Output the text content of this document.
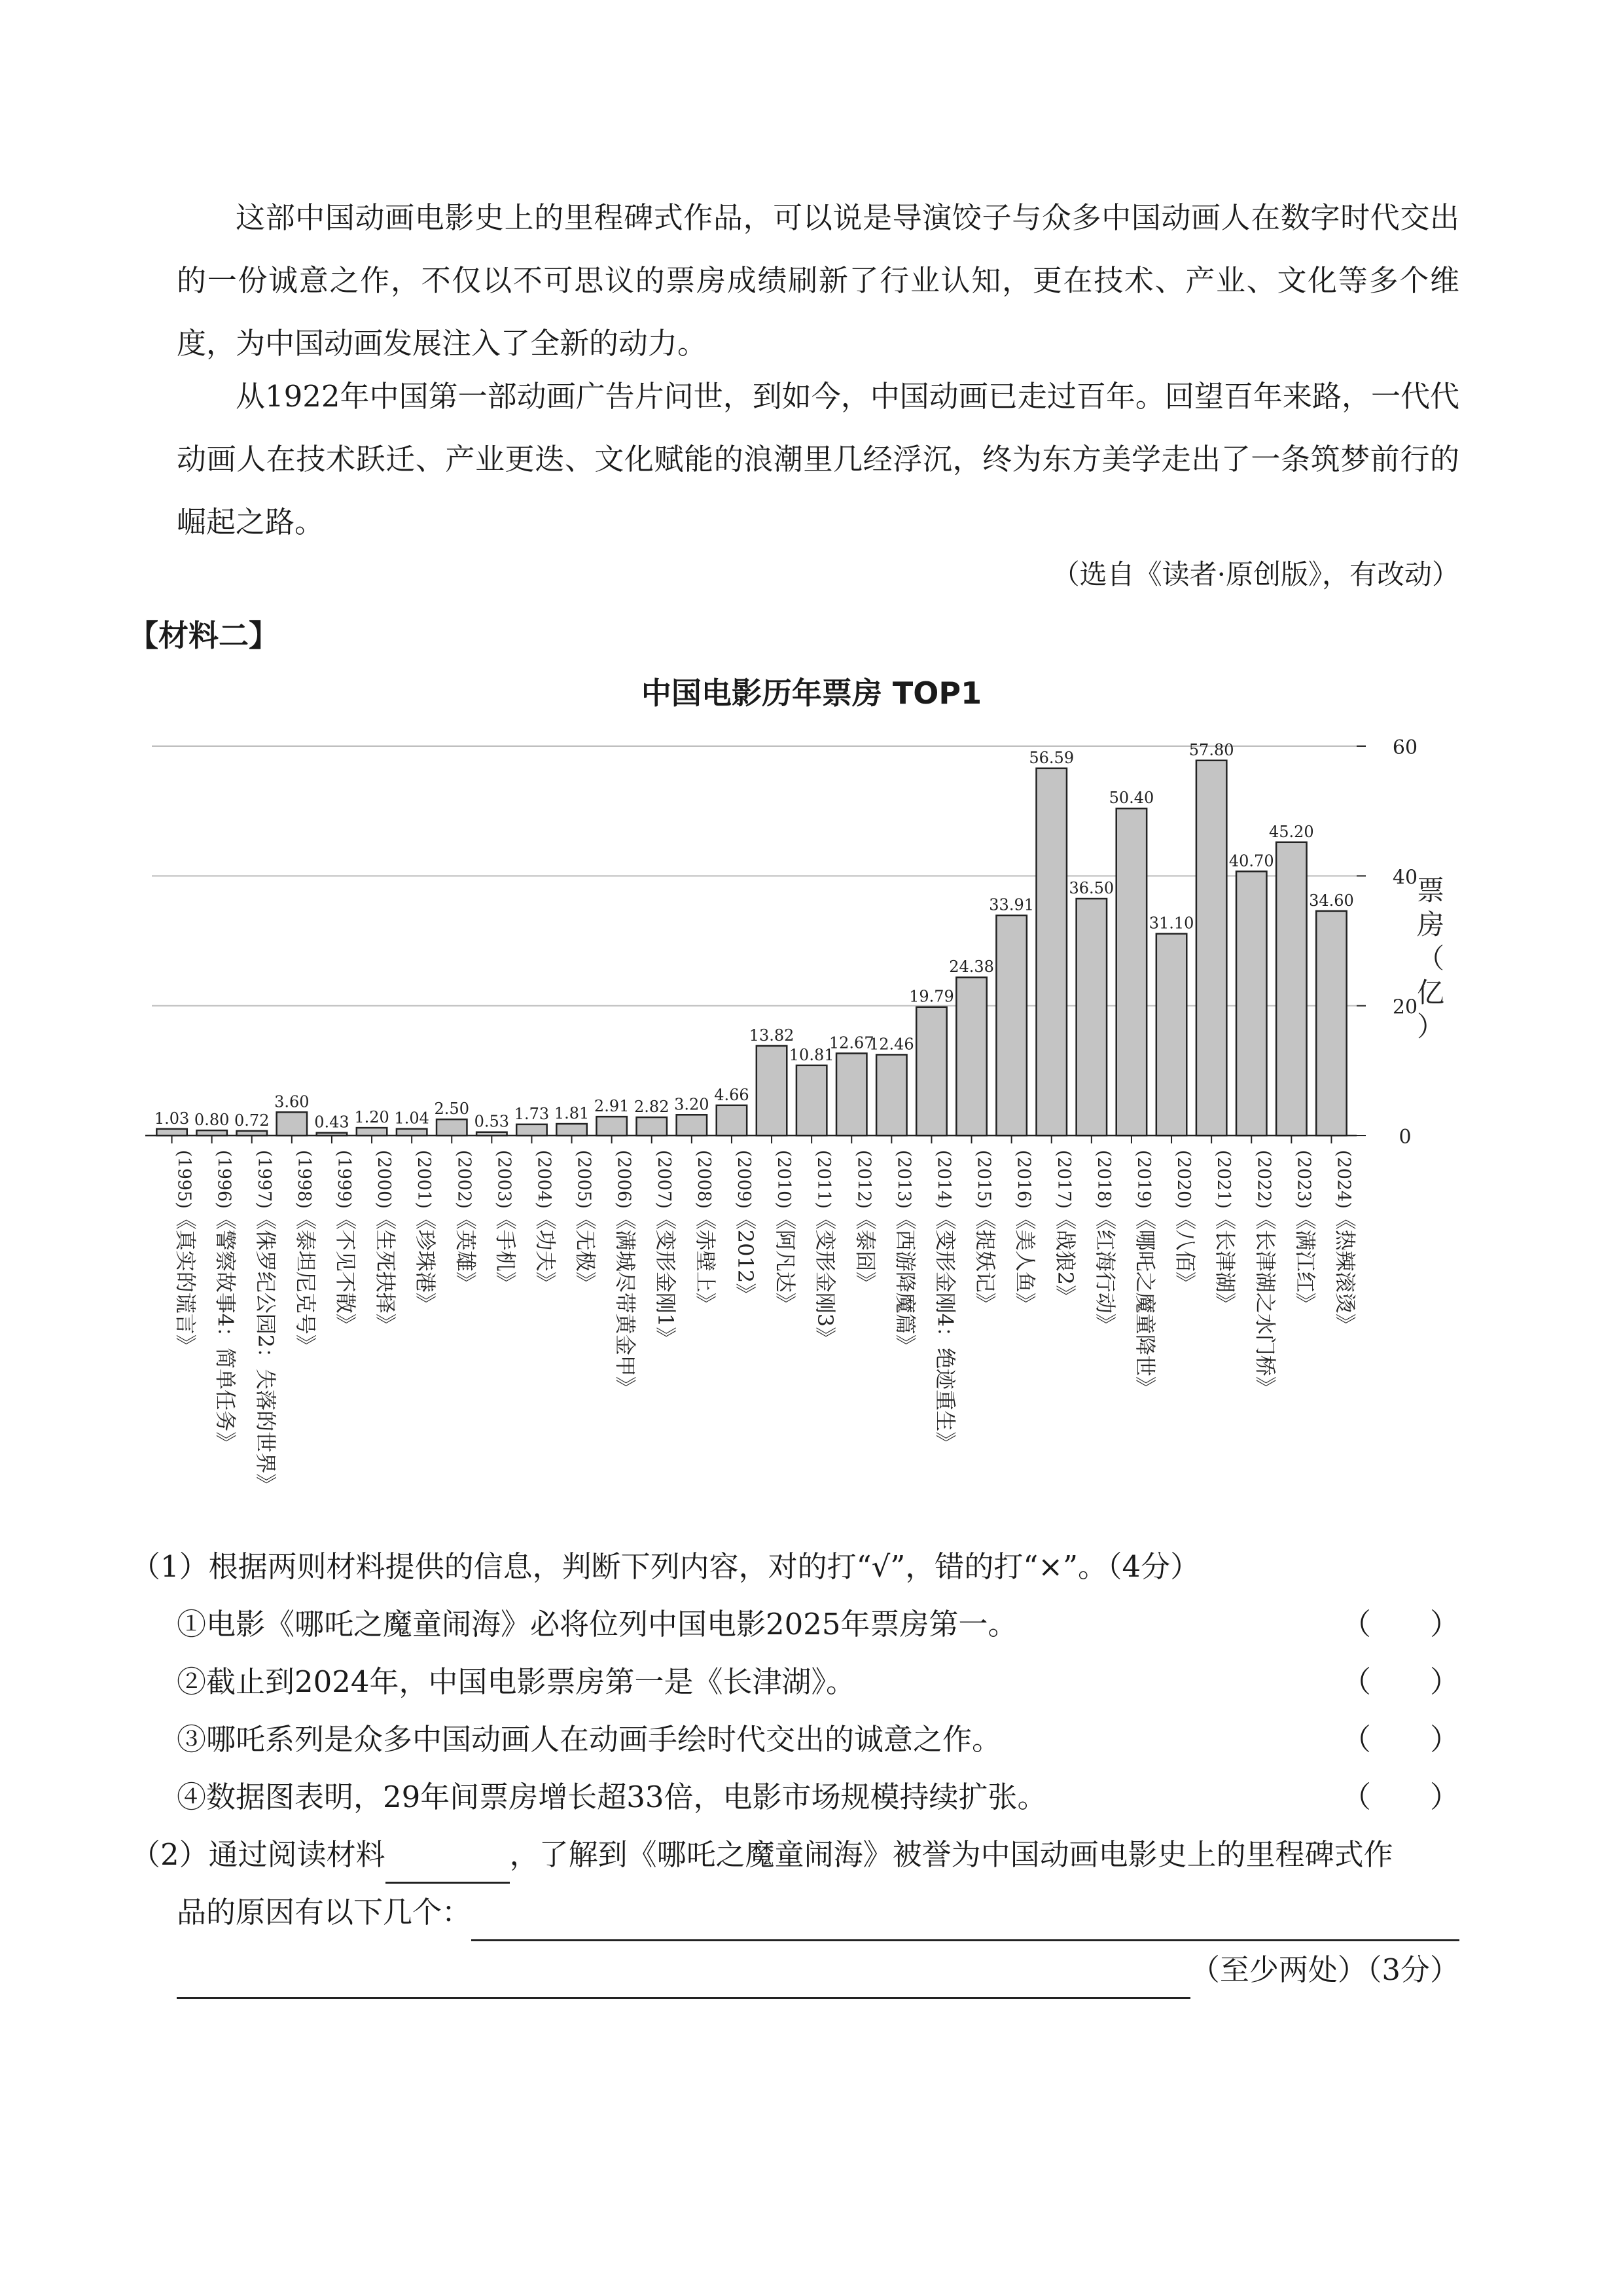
这部中国动画电影史上的里程碑式作品，可以说是导演饺子与众多中国动画人在数字时代交出的一份诚意之作，不仅以不可思议的票房成绩刷新了行业认知，更在技术、产业、文化等多个维度，为中国动画发展注入了全新的动力。

从1922年中国第一部动画广告片问世，到如今，中国动画已走过百年。回望百年来路，一代代动画人在技术跃迁、产业更迭、文化赋能的浪潮里几经浮沉，终为东方美学走出了一条筑梦前行的崛起之路。

（选自《读者·原创版》，有改动）

【材料二】

1.03 0.80 0.72
3.60
0.43 1.20 1.04
2.50
0.53 1.73 1.81 2.91 2.82 3.20
4.66
13.82
10.81
12.67
12.46
19.79
24.38
33.91
56.59
36.50
50.40
31.10
57.80
40.70
45.20
34.60
(1995)《真实的谎言》
(1996)《警察故事4：简单任务》
(1997)《侏罗纪公园2：失落的世界》
(1998)《泰坦尼克号》
(1999)《不见不散》
(2000)《生死抉择》
(2001)《珍珠港》
(2002)《英雄》
(2003)《手机》
(2004)《功夫》
(2005)《无极》
(2006)《满城尽带黄金甲》
(2007)《变形金刚1》
(2008)《赤壁上》
(2009)《2012》
(2010)《阿凡达》
(2011)《变形金刚3》
(2012)《泰囧》
(2013)《西游降魔篇》
(2014)《变形金刚4：绝迹重生》
(2015)《捉妖记》
(2016)《美人鱼》
(2017)《战狼2》
(2018)《红海行动》
(2019)《哪吒之魔童降世》
(2020)《八佰》
(2021)《长津湖》
(2022)《长津湖之水门桥》
(2023)《满江红》
(2024)《热辣滚烫》
0
20
40
60
票房（亿）
中国电影历年票房 TOP1
（1）根据两则材料提供的信息，判断下列内容，对的打“√”，错的打“×”。（4分）
①电影《哪吒之魔童闹海》必将位列中国电影2025年票房第一。	（　　）
②截止到2024年，中国电影票房第一是《长津湖》。	（　　）
③哪吒系列是众多中国动画人在动画手绘时代交出的诚意之作。	（　　）
④数据图表明，29年间票房增长超33倍，电影市场规模持续扩张。	（　　）
（2）通过阅读材料	，了解到《哪吒之魔童闹海》被誉为中国动画电影史上的里程碑式作
品的原因有以下几个：
（至少两处）（3分）
